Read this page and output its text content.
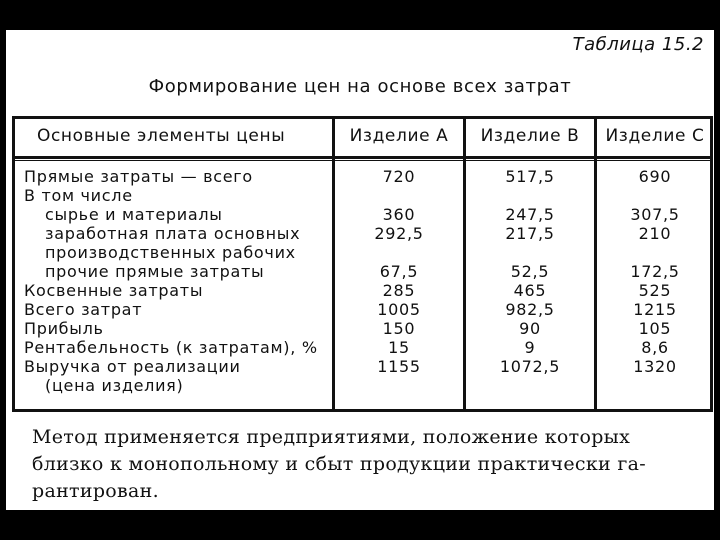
Таблица 15.2
Формирование цен на основе всех затрат
Основные элементы цены	Изделие A	Изделие B	Изделие C
Прямые затраты — всего	720	517,5	690
В том числе
сырье и материалы	360	247,5	307,5
заработная плата основных	292,5	217,5	210
производственных рабочих
прочие прямые затраты	67,5	52,5	172,5
Косвенные затраты	285	465	525
Всего затрат	1005	982,5	1215
Прибыль	150	90	105
Рентабельность (к затратам), %	15	9	8,6
Выручка от реализации	1155	1072,5	1320
(цена изделия)
Метод применяется предприятиями, положение которых
близко к монопольному и сбыт продукции практически га-
рантирован.
